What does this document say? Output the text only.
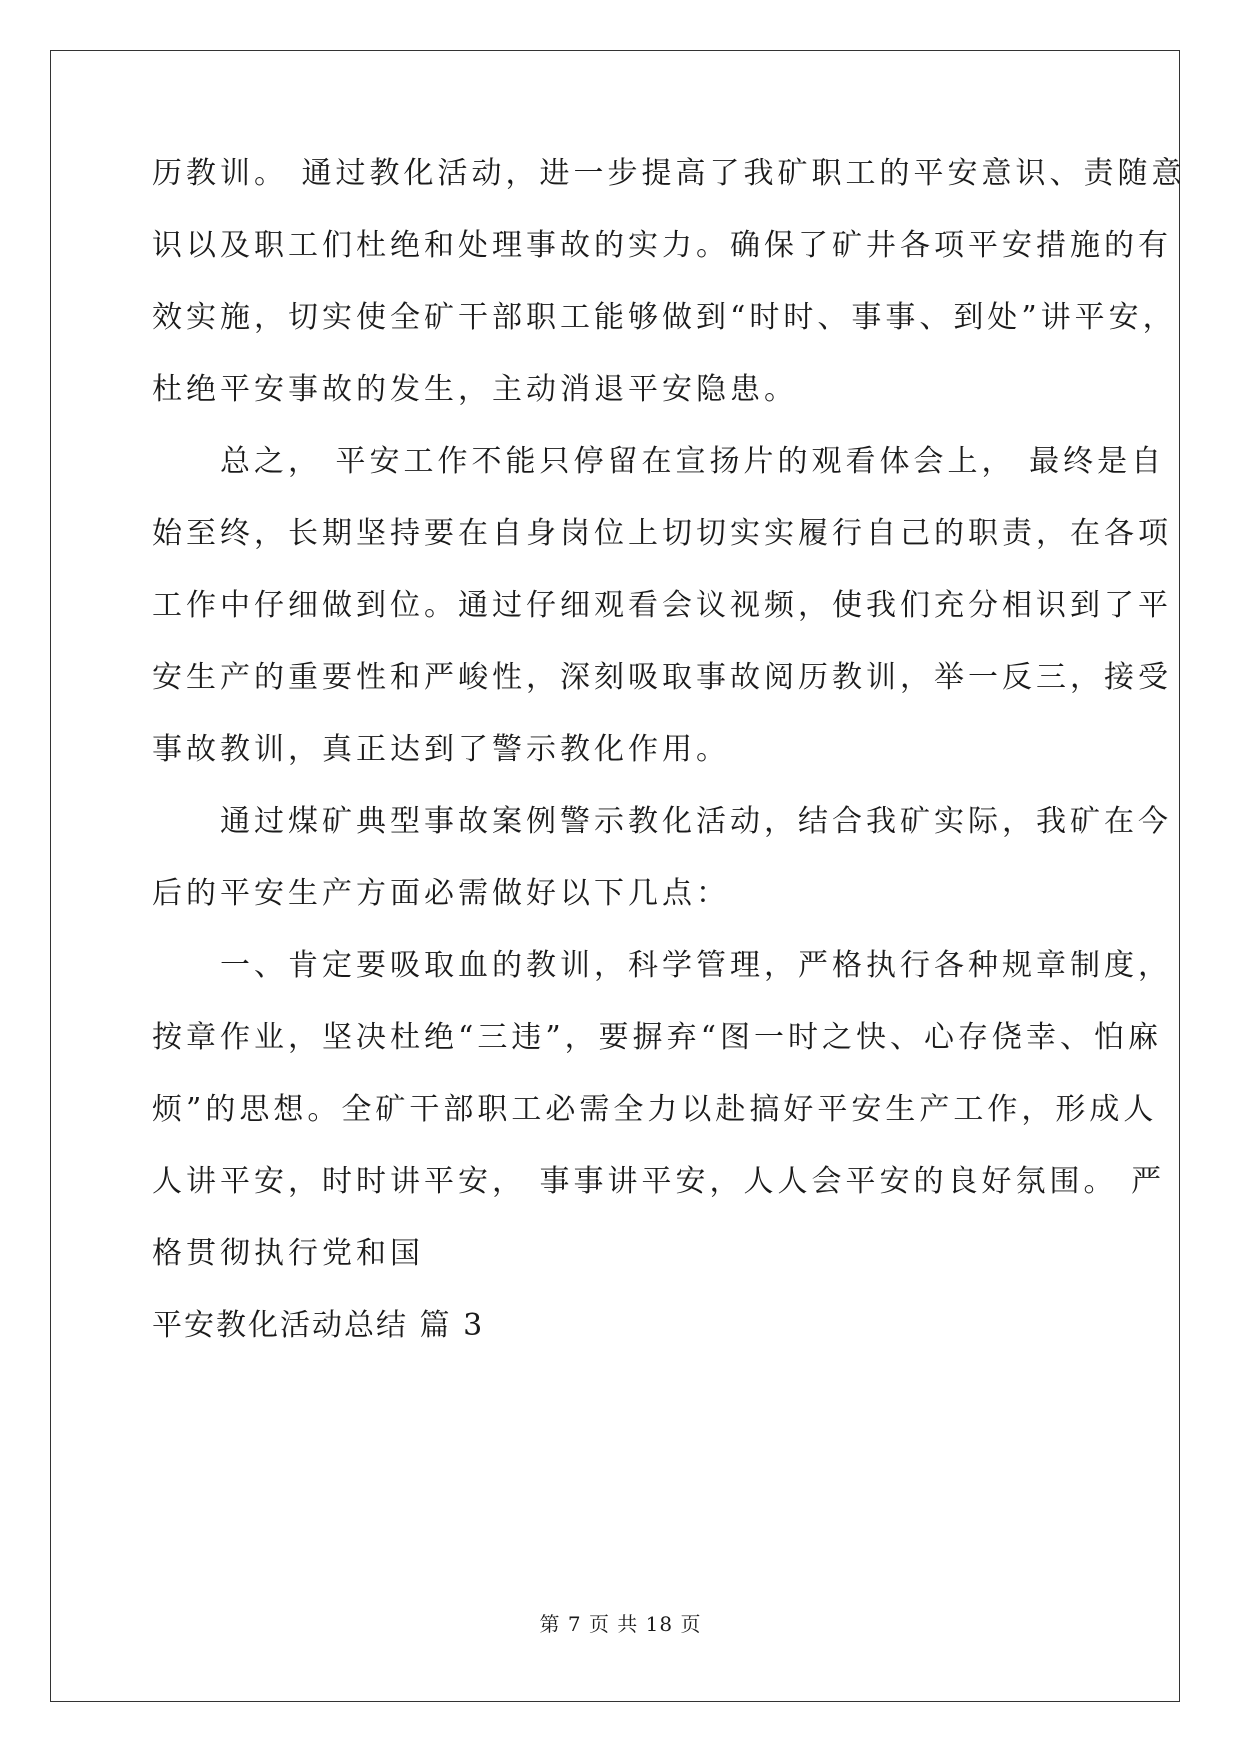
历教训。 通过教化活动，进一步提高了我矿职工的平安意识、责随意
识以及职工们杜绝和处理事故的实力。确保了矿井各项平安措施的有
效实施，切实使全矿干部职工能够做到“时时、事事、到处”讲平安，
杜绝平安事故的发生，主动消退平安隐患。
　　总之， 平安工作不能只停留在宣扬片的观看体会上， 最终是自
始至终，长期坚持要在自身岗位上切切实实履行自己的职责，在各项
工作中仔细做到位。通过仔细观看会议视频，使我们充分相识到了平
安生产的重要性和严峻性，深刻吸取事故阅历教训，举一反三，接受
事故教训，真正达到了警示教化作用。
　　通过煤矿典型事故案例警示教化活动，结合我矿实际，我矿在今
后的平安生产方面必需做好以下几点：
　　一、肯定要吸取血的教训，科学管理，严格执行各种规章制度，
按章作业，坚决杜绝“三违”，要摒弃“图一时之快、心存侥幸、怕麻
烦”的思想。全矿干部职工必需全力以赴搞好平安生产工作，形成人
人讲平安，时时讲平安， 事事讲平安，人人会平安的良好氛围。 严
格贯彻执行党和国
平安教化活动总结 篇 3
第 7 页 共 18 页
